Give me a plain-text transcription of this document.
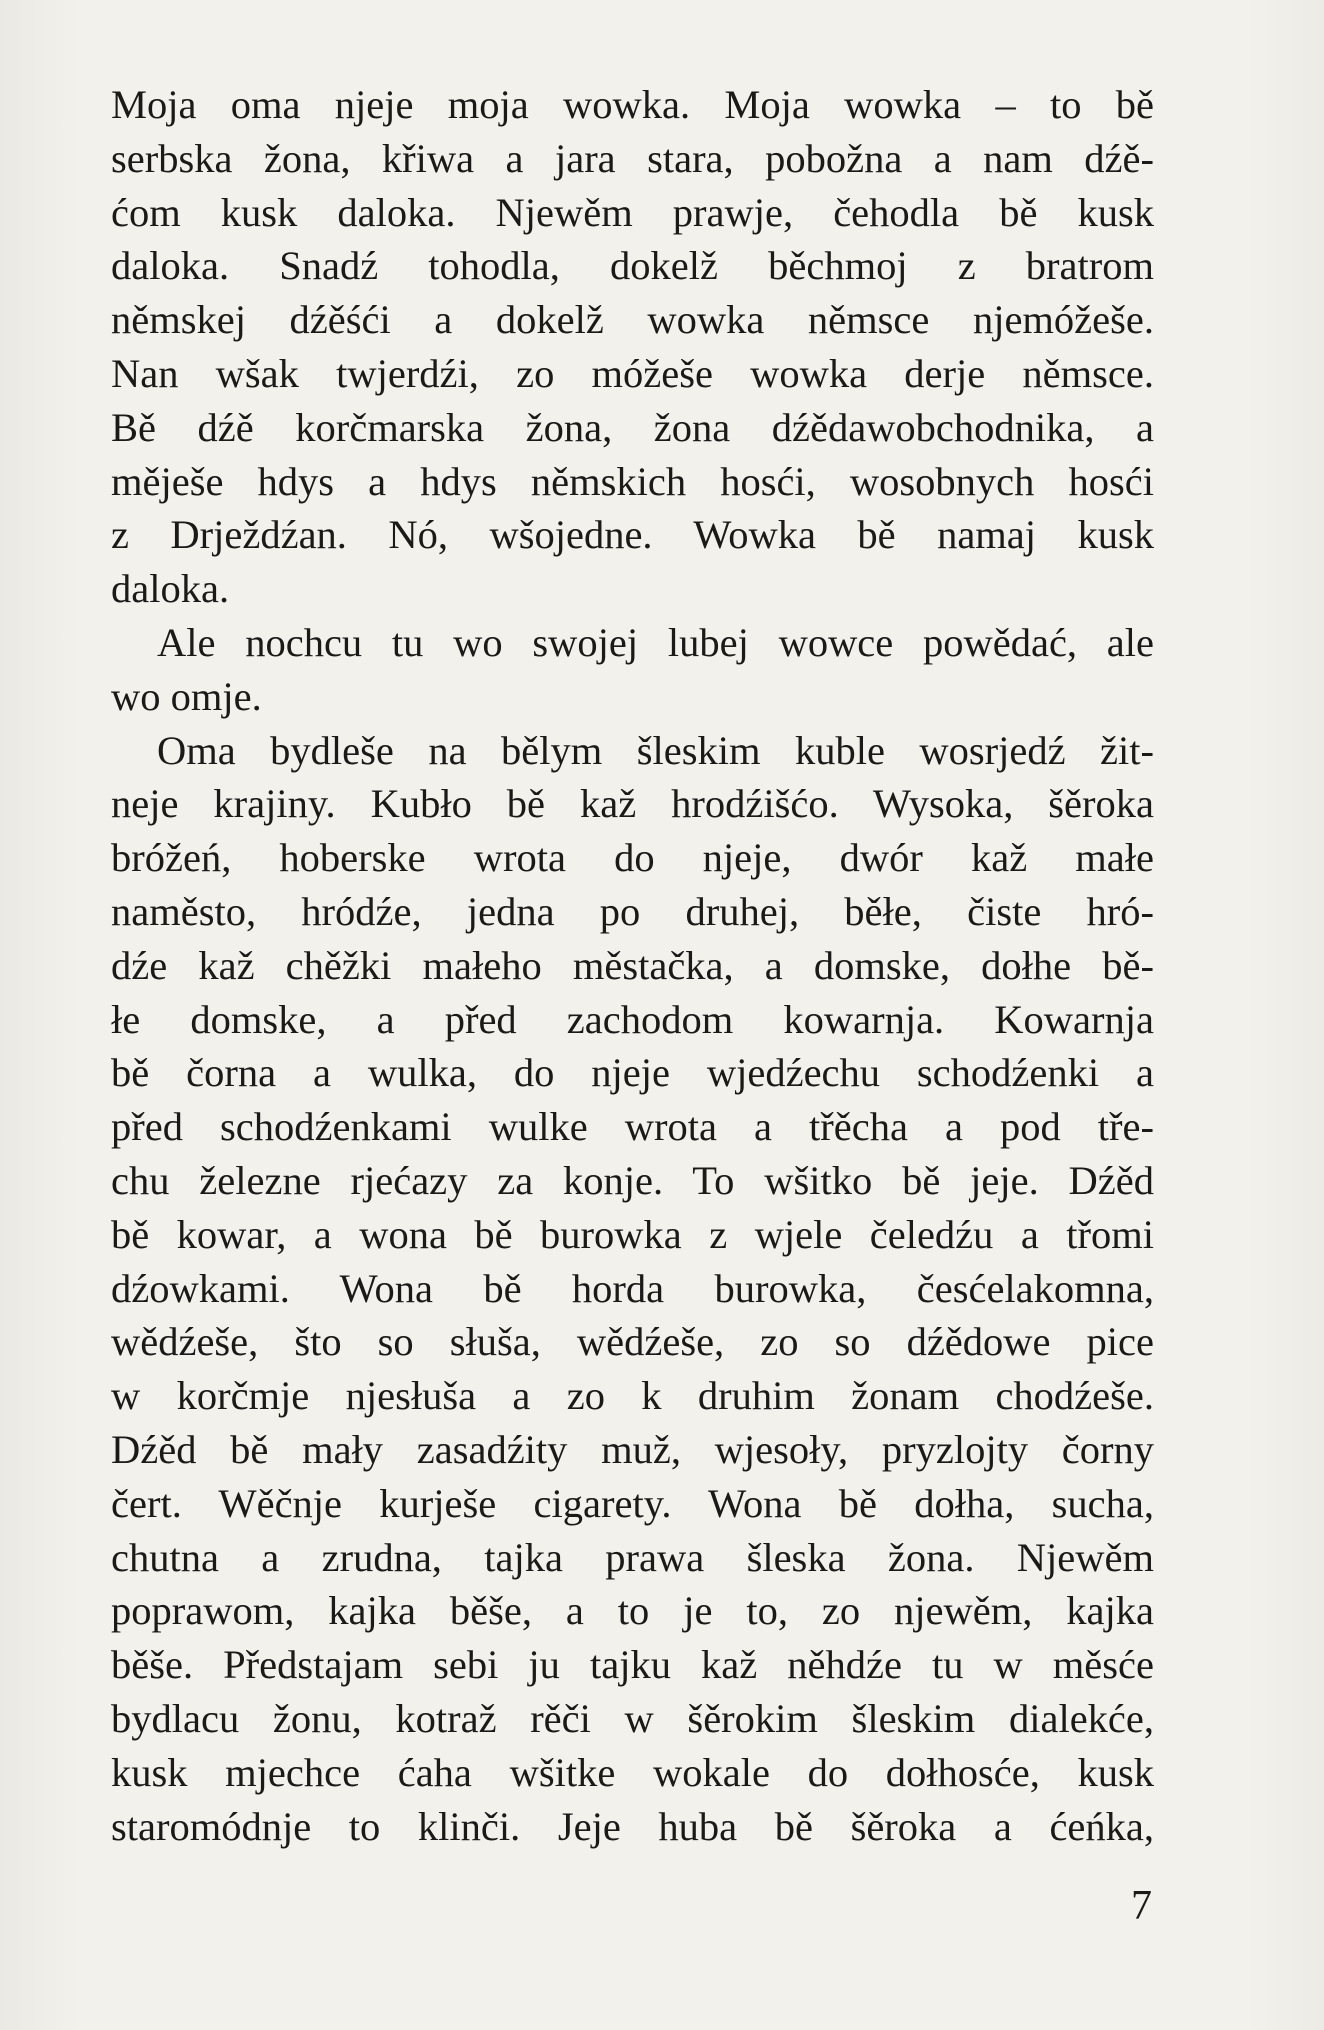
Moja oma njeje moja wowka. Moja wowka – to bě
serbska žona, křiwa a jara stara, pobožna a nam dźě-
ćom kusk daloka. Njewěm prawje, čehodla bě kusk
daloka. Snadź tohodla, dokelž běchmoj z bratrom
němskej dźěśći a dokelž wowka němsce njemóžeše.
Nan wšak twjerdźi, zo móžeše wowka derje němsce.
Bě dźě korčmarska žona, žona dźědawobchodnika, a
měješe hdys a hdys němskich hosći, wosobnych hosći
z Drježdźan. Nó, wšojedne. Wowka bě namaj kusk
daloka.

Ale nochcu tu wo swojej lubej wowce powědać, ale
wo omje.

Oma bydleše na bělym šleskim kuble wosrjedź žit-
neje krajiny. Kubło bě kaž hrodźišćo. Wysoka, šěroka
bróžeń, hoberske wrota do njeje, dwór kaž małe
naměsto, hródźe, jedna po druhej, běłe, čiste hró-
dźe kaž chěžki małeho městačka, a domske, dołhe bě-
łe domske, a před zachodom kowarnja. Kowarnja
bě čorna a wulka, do njeje wjedźechu schodźenki a
před schodźenkami wulke wrota a třěcha a pod tře-
chu železne rjećazy za konje. To wšitko bě jeje. Dźěd
bě kowar, a wona bě burowka z wjele čeledźu a třomi
dźowkami. Wona bě horda burowka, česćelakomna,
wědźeše, što so słuša, wědźeše, zo so dźědowe pice
w korčmje njesłuša a zo k druhim žonam chodźeše.
Dźěd bě mały zasadźity muž, wjesoły, pryzlojty čorny
čert. Wěčnje kurješe cigarety. Wona bě dołha, sucha,
chutna a zrudna, tajka prawa šleska žona. Njewěm
poprawom, kajka běše, a to je to, zo njewěm, kajka
běše. Předstajam sebi ju tajku kaž něhdźe tu w měsće
bydlacu žonu, kotraž rěči w šěrokim šleskim dialekće,
kusk mjechce ćaha wšitke wokale do dołhosće, kusk
staromódnje to klinči. Jeje huba bě šěroka a ćeńka,

7
